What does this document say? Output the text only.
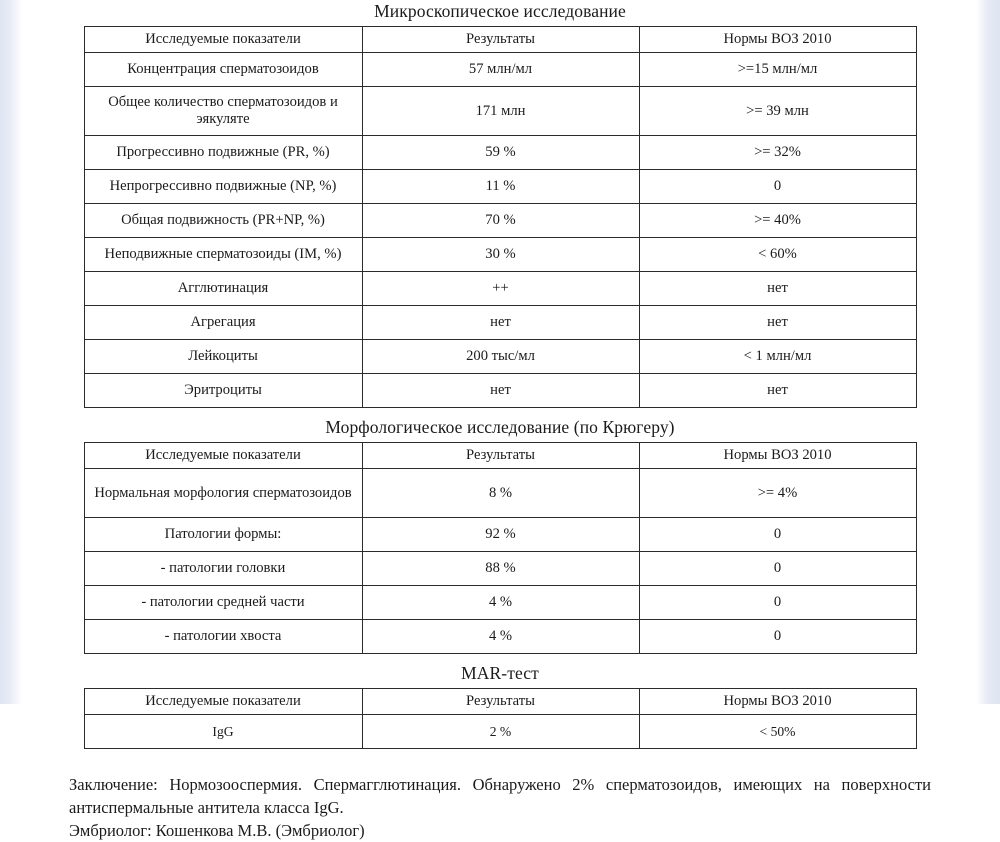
Микроскопическое исследование
Исследуемые показатели	Результаты	Нормы ВОЗ 2010
Концентрация сперматозоидов	57 млн/мл	>=15 млн/мл
Общее количество сперматозоидов и эякуляте	171 млн	>= 39 млн
Прогрессивно подвижные (PR, %)	59 %	>= 32%
Непрогрессивно подвижные (NP, %)	11 %	0
Общая подвижность (PR+NP, %)	70 %	>= 40%
Неподвижные сперматозоиды (IM, %)	30 %	< 60%
Агглютинация	++	нет
Агрегация	нет	нет
Лейкоциты	200 тыс/мл	< 1 млн/мл
Эритроциты	нет	нет
Морфологическое исследование (по Крюгеру)
Исследуемые показатели	Результаты	Нормы ВОЗ 2010
Нормальная морфология сперматозоидов	8 %	>= 4%
Патологии формы:	92 %	0
- патологии головки	88 %	0
- патологии средней части	4 %	0
- патологии хвоста	4 %	0
MAR-тест
Исследуемые показатели	Результаты	Нормы ВОЗ 2010
IgG	2 %	< 50%

Заключение: Нормозооспермия. Спермагглютинация. Обнаружено 2% сперматозоидов, имеющих на поверхности антиспермальные антитела класса IgG.

Эмбриолог: Кошенкова М.В. (Эмбриолог)
